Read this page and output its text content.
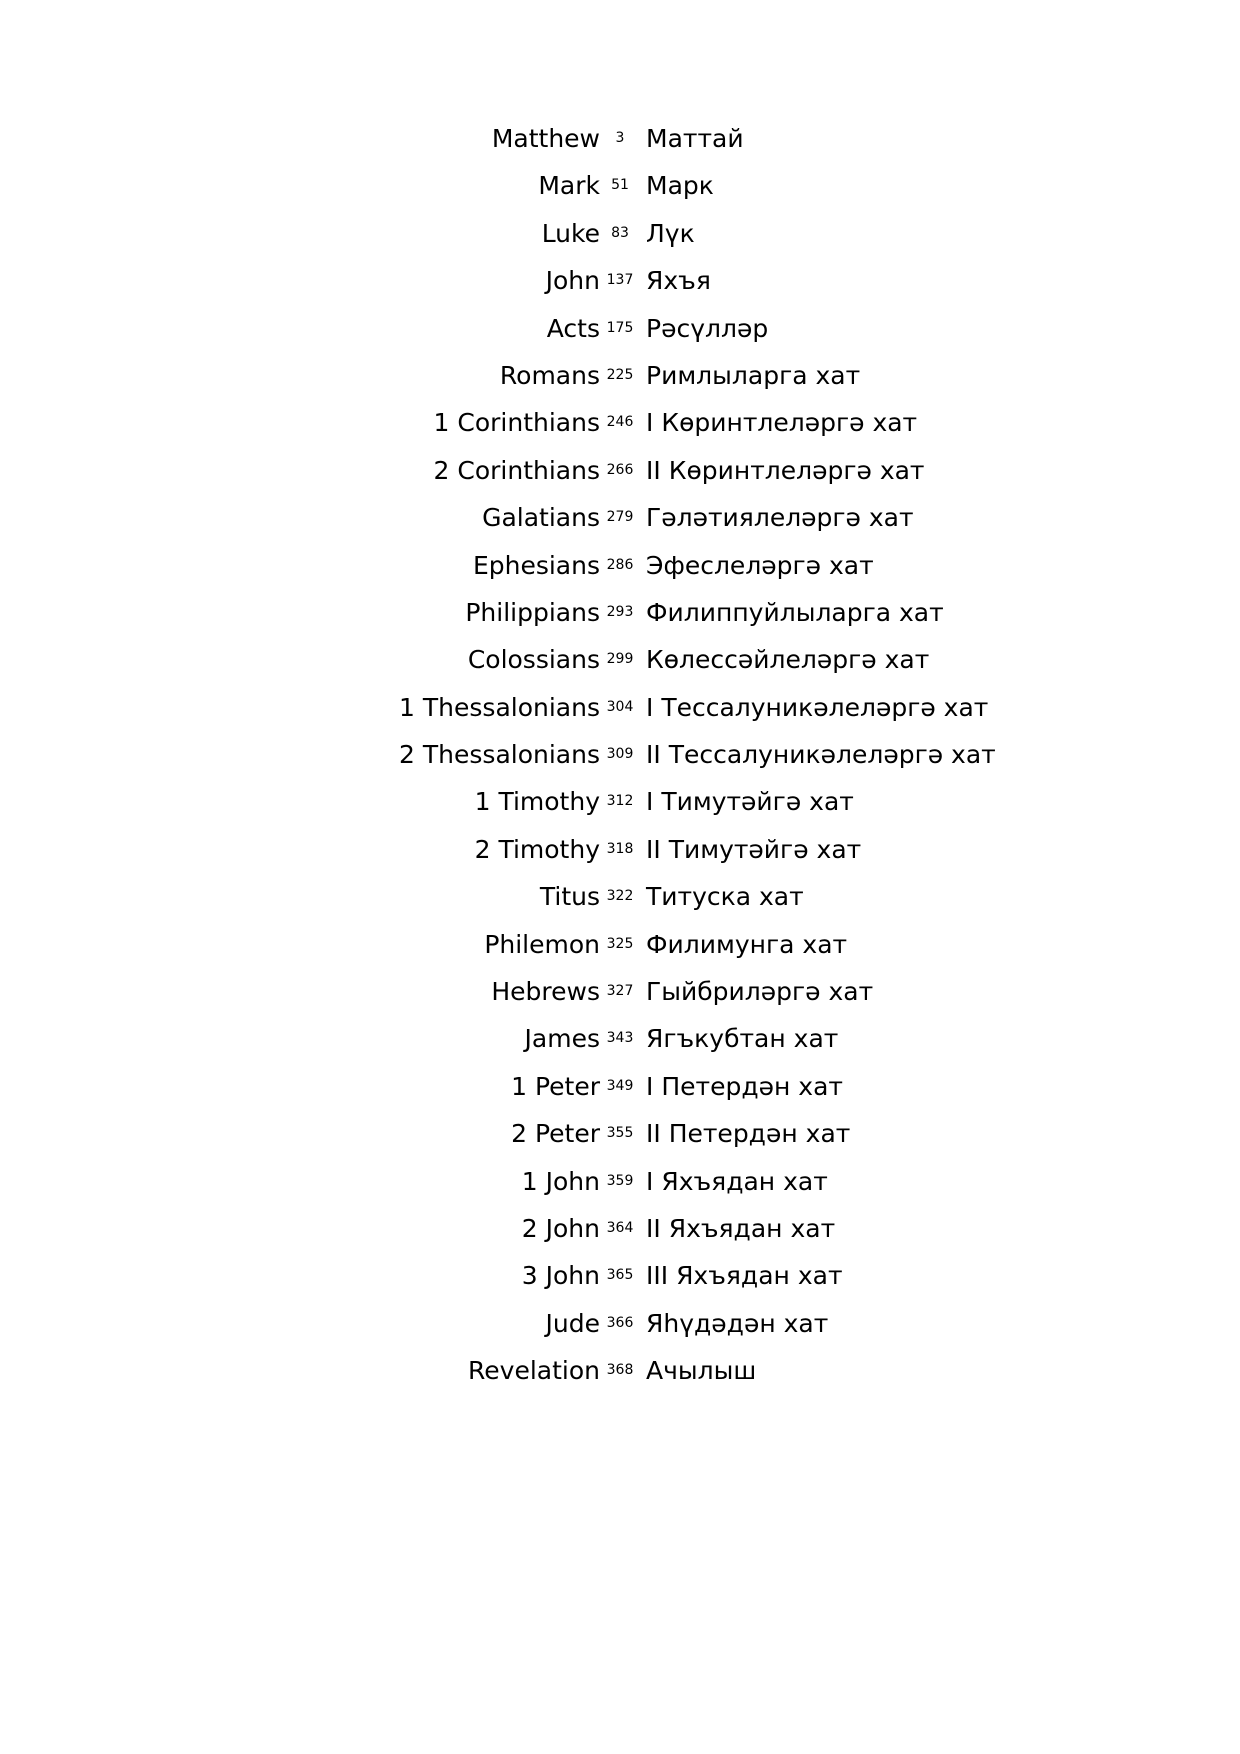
Matthew	3 Маттай
Mark 51 Марк
Luke 83 Лүк
John 137 Яхъя
Acts 175 Рәсүлләр
Romans 225 Римлыларга хат
1 Corinthians 246 I Көринтлеләргә хат
2 Corinthians 266 II Көринтлеләргә хат
Galatians 279 Гәләтиялеләргә хат
Ephesians 286 Эфеслеләргә хат
Philippians 293 Филиппуйлыларга хат
Colossians 299 Көлессәйлеләргә хат
1 Thessalonians 304 I Тессалуникәлеләргә хат
2 Thessalonians 309 II Тессалуникәлеләргә хат
1 Timothy 312 I Тимутәйгә хат
2 Timothy 318 II Тимутәйгә хат
Titus 322 Титуска хат
Philemon 325 Филимунга хат
Hebrews 327 Гыйбриләргә хат
James 343 Ягъкубтан хат
1 Peter 349 I Петердән хат
2 Peter 355 II Петердән хат
1 John 359 I Яхъядан хат
2 John 364 II Яхъядан хат
3 John 365 III Яхъядан хат
Jude 366 Яһүдәдән хат
Revelation 368 Ачылыш
